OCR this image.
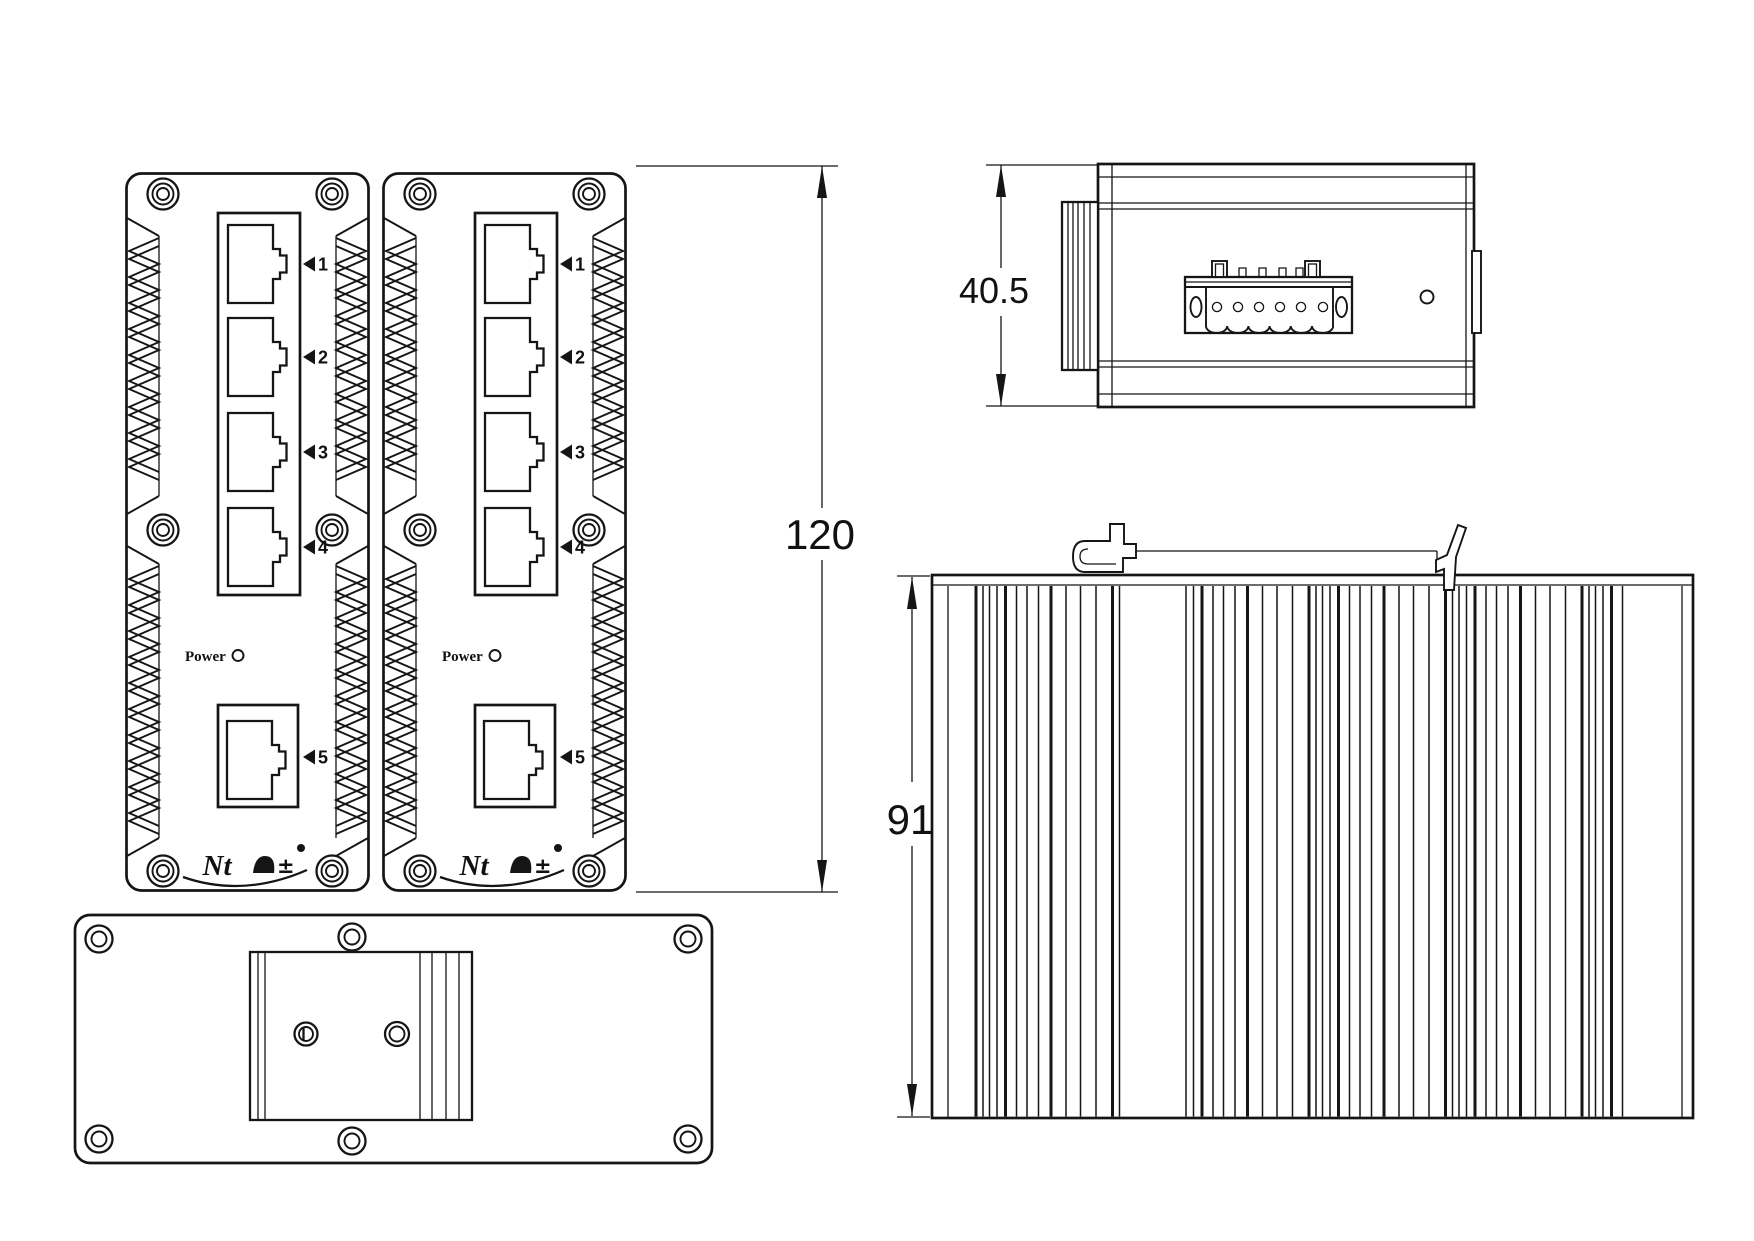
1
Power
Nt
120
40.5
91
